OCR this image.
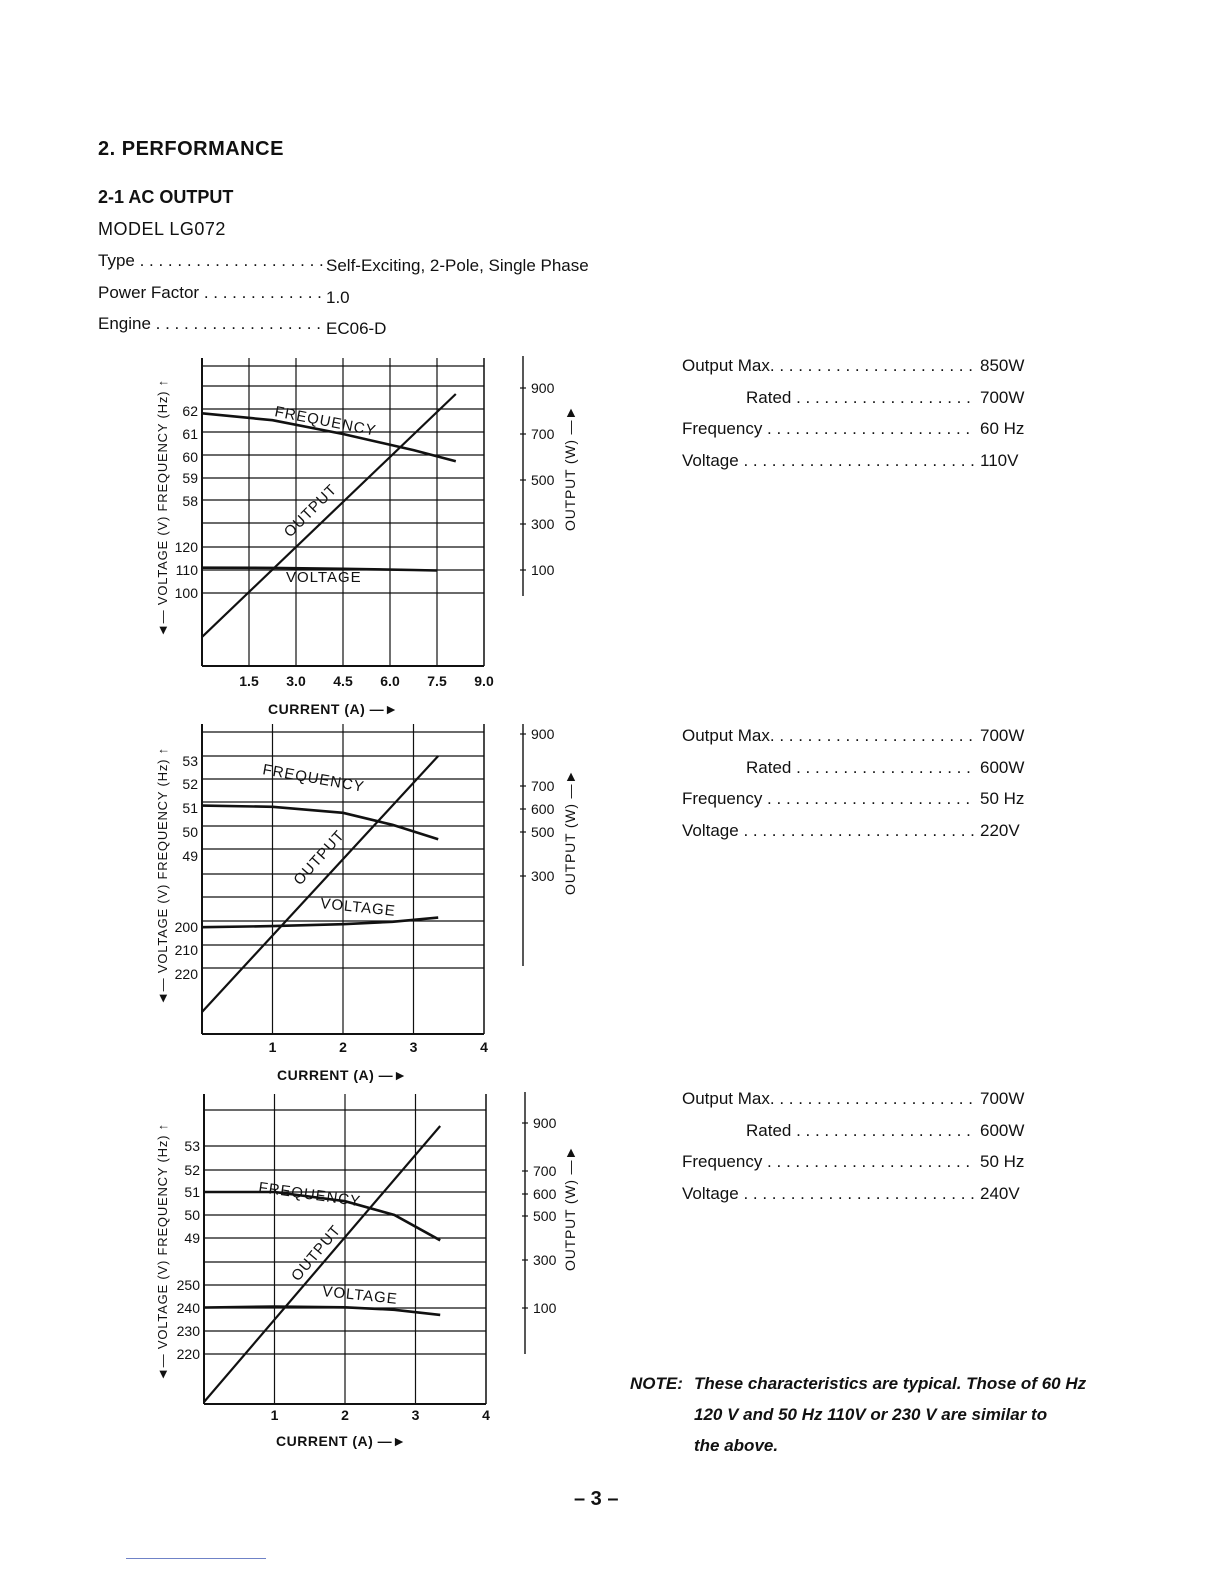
2. PERFORMANCE
2-1 AC OUTPUT
MODEL LG072
Type . . .	Self-Exciting, 2-Pole, Single Phase
Power Factor . . .	1.0
Engine . . .	EC06-D
1.5 3.0 4.5 6.0 7.5 9.0
CURRENT (A) —►
62
61
60
59
58
120
110
100
◄— VOLTAGE (V) FREQUENCY (Hz) ↑	900
700
500
300
100
OUTPUT (W) —►
FREQUENCY
VOLTAGE
OUTPUT
1	2	3	4
CURRENT (A) —►
53
52
51
50
49
200
210
220
◄— VOLTAGE (V) FREQUENCY (Hz) ↑
900
700
600
500
300 OUTPUT (W) —►
FREQUENCY
VOLTAGE
OUTPUT
1	2	3	4
CURRENT (A) —►
53
52
51
50
49
250
240
230
220
◄— VOLTAGE (V) FREQUENCY (Hz) ↑
900
700
600
500
300
100
OUTPUT (W) —►
FREQUENCY
VOLTAGE
OUTPUT
Output Max. . . .	850W
Rated . . .	700W
Frequency . . .	60 Hz
Voltage . . .	110V
Output Max. . . .	700W
Rated . . .	600W
Frequency . . .	50 Hz
Voltage . . .	220V
Output Max. . . .	700W
Rated . . .	600W
Frequency . . .	50 Hz
Voltage . . .	240V
NOTE: These characteristics are typical. Those of 60 Hz
120 V and 50 Hz 110V or 230 V are similar to
the above.
– 3 –
